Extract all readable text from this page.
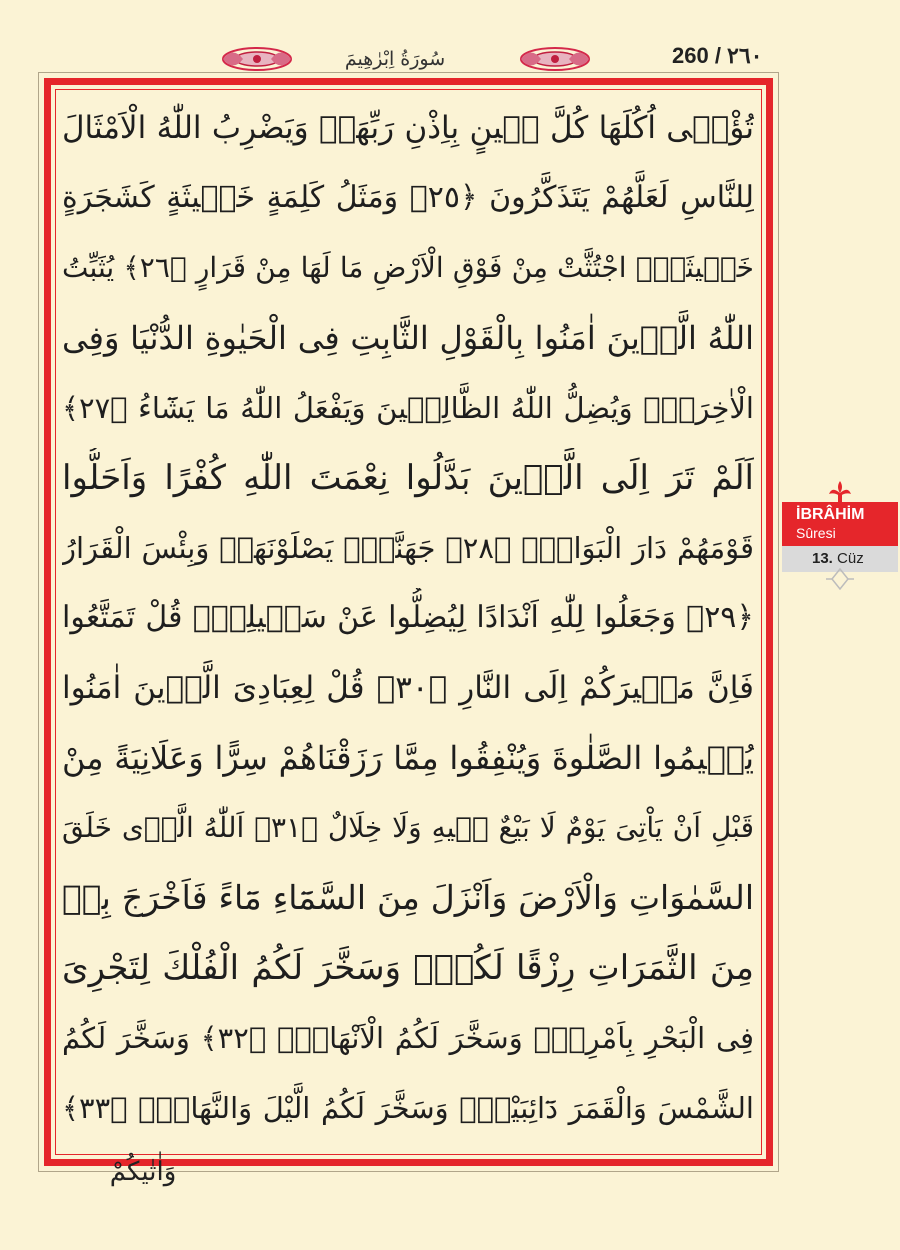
سُورَةُ اِبْرٰهِيمَ	260 / ٢٦٠
تُؤْتٖى اُكُلَهَا كُلَّ حٖينٍ بِاِذْنِ رَبِّهَاۜ وَيَضْرِبُ اللّٰهُ الْاَمْثَالَ
لِلنَّاسِ لَعَلَّهُمْ يَتَذَكَّرُونَ ﴿٢٥﴾ وَمَثَلُ كَلِمَةٍ خَبٖيثَةٍ كَشَجَرَةٍ
خَبٖيثَةٍۨ اجْتُثَّتْ مِنْ فَوْقِ الْاَرْضِ مَا لَهَا مِنْ قَرَارٍ ﴿٢٦﴾ يُثَبِّتُ
اللّٰهُ الَّذٖينَ اٰمَنُوا بِالْقَوْلِ الثَّابِتِ فِى الْحَيٰوةِ الدُّنْيَا وَفِى
الْاٰخِرَةِۚ وَيُضِلُّ اللّٰهُ الظَّالِمٖينَ وَيَفْعَلُ اللّٰهُ مَا يَشَٓاءُ ﴿٢٧﴾
اَلَمْ تَرَ اِلَى الَّذٖينَ بَدَّلُوا نِعْمَتَ اللّٰهِ كُفْرًا وَاَحَلُّوا
قَوْمَهُمْ دَارَ الْبَوَارِۙ ﴿٢٨﴾ جَهَنَّمَۚ يَصْلَوْنَهَاۜ وَبِئْسَ الْقَرَارُ
﴿٢٩﴾ وَجَعَلُوا لِلّٰهِ اَنْدَادًا لِيُضِلُّوا عَنْ سَبٖيلِهٖۜ قُلْ تَمَتَّعُوا
فَاِنَّ مَصٖيرَكُمْ اِلَى النَّارِ ﴿٣٠﴾ قُلْ لِعِبَادِىَ الَّذٖينَ اٰمَنُوا
يُقٖيمُوا الصَّلٰوةَ وَيُنْفِقُوا مِمَّا رَزَقْنَاهُمْ سِرًّا وَعَلَانِيَةً مِنْ
قَبْلِ اَنْ يَاْتِىَ يَوْمٌ لَا بَيْعٌ فٖيهِ وَلَا خِلَالٌ ﴿٣١﴾ اَللّٰهُ الَّذٖى خَلَقَ
السَّمٰوَاتِ وَالْاَرْضَ وَاَنْزَلَ مِنَ السَّمَٓاءِ مَٓاءً فَاَخْرَجَ بِهٖ
مِنَ الثَّمَرَاتِ رِزْقًا لَكُمْۚ وَسَخَّرَ لَكُمُ الْفُلْكَ لِتَجْرِىَ
فِى الْبَحْرِ بِاَمْرِهٖۚ وَسَخَّرَ لَكُمُ الْاَنْهَارَۚ ﴿٣٢﴾ وَسَخَّرَ لَكُمُ
الشَّمْسَ وَالْقَمَرَ دَٓائِبَيْنِۚ وَسَخَّرَ لَكُمُ الَّيْلَ وَالنَّهَارَۚ ﴿٣٣﴾
وَاٰتٰيكُمْ
İBRÂHİM
Sûresi
13. Cüz
